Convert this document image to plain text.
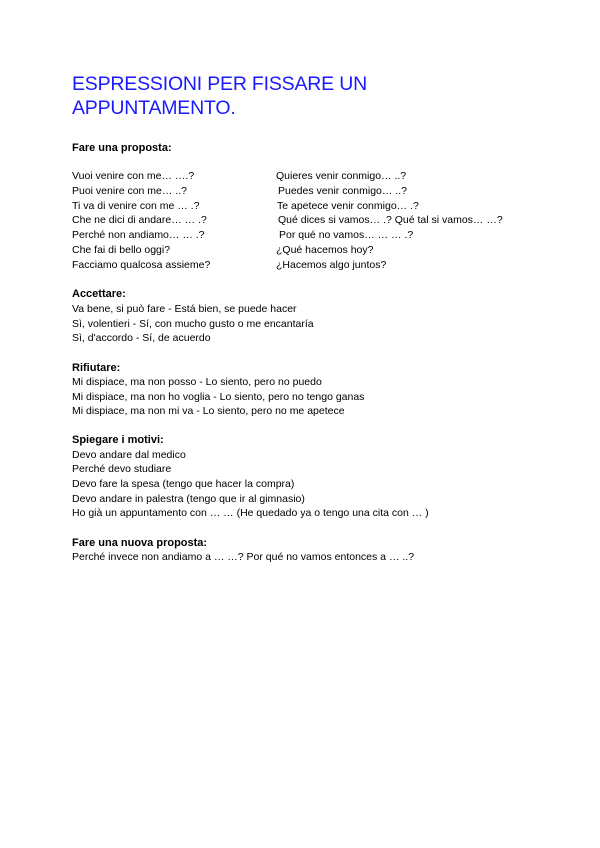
ESPRESSIONI PER FISSARE UN
APPUNTAMENTO.

Fare una proposta:

Vuoi venire con me… ….?	Quieres venir conmigo… ..?

Puoi venire con me… ..?	Puedes venir conmigo… ..?

Ti va di venire con me … .?	Te apetece venir conmigo… .?

Che ne dici di andare… … .?	Qué dices si vamos… .? Qué tal si vamos… …?

Perché non andiamo… … .?	Por qué no vamos… … … .?

Che fai di bello oggi?	¿Qué hacemos hoy?

Facciamo qualcosa assieme?	¿Hacemos algo juntos?

Accettare:

Va bene, si può fare - Está bien, se puede hacer

Sì, volentieri - Sí, con mucho gusto o me encantaría

Sì, d'accordo - Sí, de acuerdo

Rifiutare:

Mi dispiace, ma non posso - Lo siento, pero no puedo

Mi dispiace, ma non ho voglia - Lo siento, pero no tengo ganas

Mi dispiace, ma non mi va - Lo siento, pero no me apetece

Spiegare i motivi:

Devo andare dal medico

Perché devo studiare

Devo fare la spesa (tengo que hacer la compra)

Devo andare in palestra (tengo que ir al gimnasio)

Ho già un appuntamento con … … (He quedado ya o tengo una cita con … )

Fare una nuova proposta:

Perché invece non andiamo a … …? Por qué no vamos entonces a … ..?
